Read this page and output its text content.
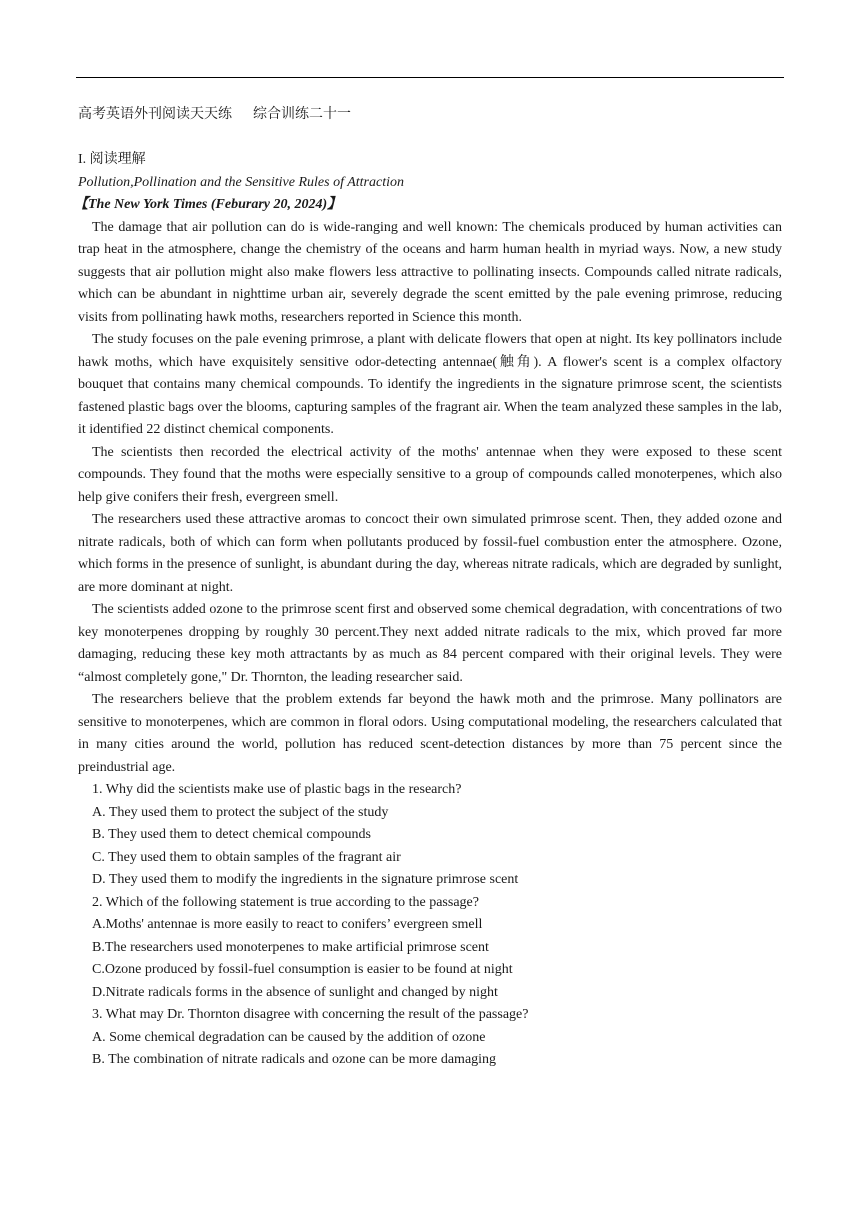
高考英语外刊阅读天天练      综合训练二十一

I. 阅读理解

Pollution,Pollination and the Sensitive Rules of Attraction

【The New York Times (Feburary 20, 2024)】

The damage that air pollution can do is wide-ranging and well known: The chemicals produced by human activities can trap heat in the atmosphere, change the chemistry of the oceans and harm human health in myriad ways. Now, a new study suggests that air pollution might also make flowers less attractive to pollinating insects. Compounds called nitrate radicals, which can be abundant in nighttime urban air, severely degrade the scent emitted by the pale evening primrose, reducing visits from pollinating hawk moths, researchers reported in Science this month.

The study focuses on the pale evening primrose, a plant with delicate flowers that open at night. Its key pollinators include hawk moths, which have exquisitely sensitive odor-detecting antennae(触角). A flower's scent is a complex olfactory bouquet that contains many chemical compounds. To identify the ingredients in the signature primrose scent, the scientists fastened plastic bags over the blooms, capturing samples of the fragrant air. When the team analyzed these samples in the lab, it identified 22 distinct chemical components.

The scientists then recorded the electrical activity of the moths' antennae when they were exposed to these scent compounds. They found that the moths were especially sensitive to a group of compounds called monoterpenes, which also help give conifers their fresh, evergreen smell.

The researchers used these attractive aromas to concoct their own simulated primrose scent. Then, they added ozone and nitrate radicals, both of which can form when pollutants produced by fossil-fuel combustion enter the atmosphere. Ozone, which forms in the presence of sunlight, is abundant during the day, whereas nitrate radicals, which are degraded by sunlight, are more dominant at night.

The scientists added ozone to the primrose scent first and observed some chemical degradation, with concentrations of two key monoterpenes dropping by roughly 30 percent.They next added nitrate radicals to the mix, which proved far more damaging, reducing these key moth attractants by as much as 84 percent compared with their original levels. They were “almost completely gone," Dr. Thornton, the leading researcher said.

The researchers believe that the problem extends far beyond the hawk moth and the primrose. Many pollinators are sensitive to monoterpenes, which are common in floral odors. Using computational modeling, the researchers calculated that in many cities around the world, pollution has reduced scent-detection distances by more than 75 percent since the preindustrial age.

1. Why did the scientists make use of plastic bags in the research?

A. They used them to protect the subject of the study

B. They used them to detect chemical compounds

C. They used them to obtain samples of the fragrant air

D. They used them to modify the ingredients in the signature primrose scent

2. Which of the following statement is true according to the passage?

A.Moths' antennae is more easily to react to conifers’ evergreen smell

B.The researchers used monoterpenes to make artificial primrose scent

C.Ozone produced by fossil-fuel consumption is easier to be found at night

D.Nitrate radicals forms in the absence of sunlight and changed by night

3. What may Dr. Thornton disagree with concerning the result of the passage?

A. Some chemical degradation can be caused by the addition of ozone

B. The combination of nitrate radicals and ozone can be more damaging
